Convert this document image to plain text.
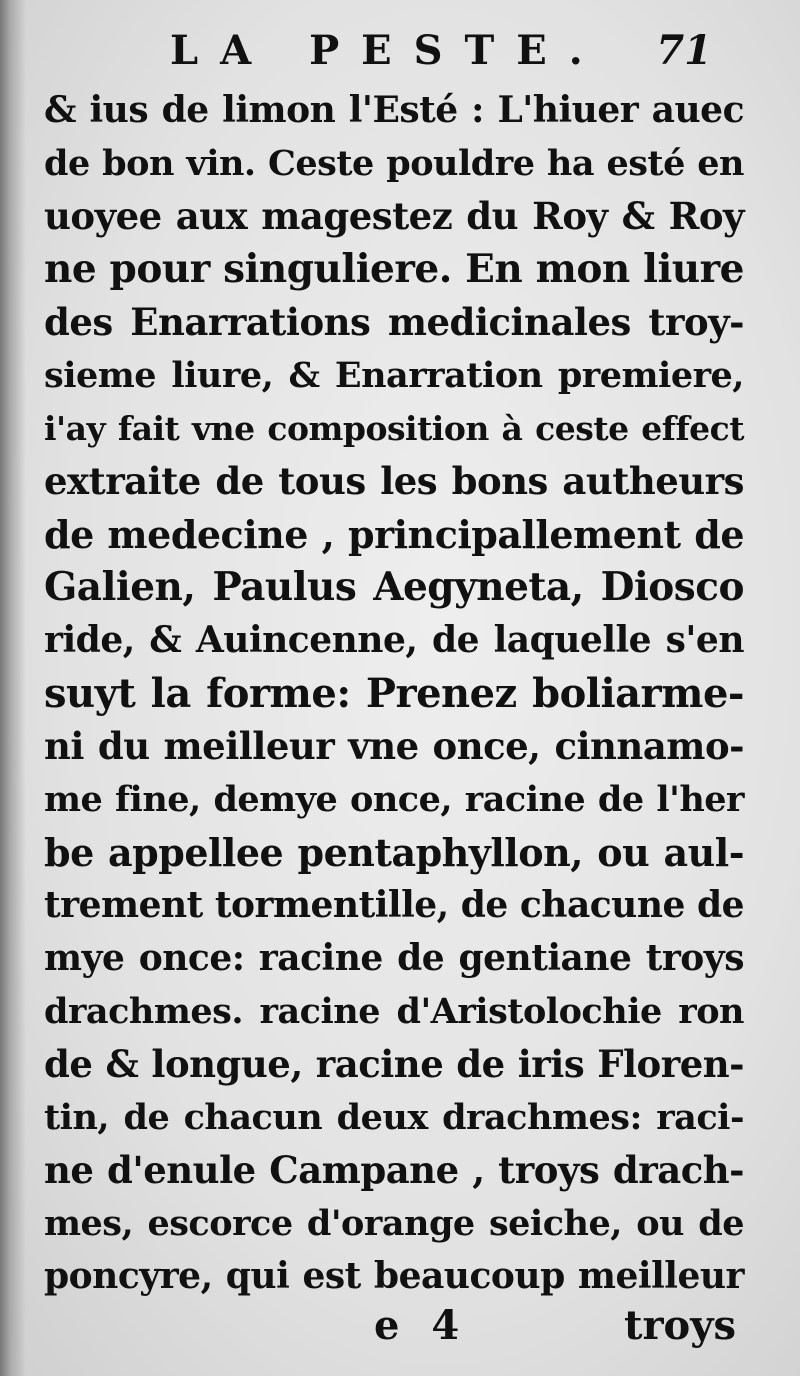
LA PESTE. 71
& ius de limon l'Esté : L'hiuer auec
de bon vin. Ceste pouldre ha esté en
uoyee aux magestez du Roy & Roy
ne pour singuliere. En mon liure
des Enarrations medicinales troy-
sieme liure, & Enarration premiere,
i'ay fait vne composition à ceste effect
extraite de tous les bons autheurs
de medecine , principallement de
Galien, Paulus Aegyneta, Diosco
ride, & Auincenne, de laquelle s'en
suyt la forme: Prenez boliarme-
ni du meilleur vne once, cinnamo-
me fine, demye once, racine de l'her
be appellee pentaphyllon, ou aul-
trement tormentille, de chacune de
mye once: racine de gentiane troys
drachmes. racine d'Aristolochie ron
de & longue, racine de iris Floren-
tin, de chacun deux drachmes: raci-
ne d'enule Campane , troys drach-
mes, escorce d'orange seiche, ou de
poncyre, qui est beaucoup meilleur
e 4	troys
